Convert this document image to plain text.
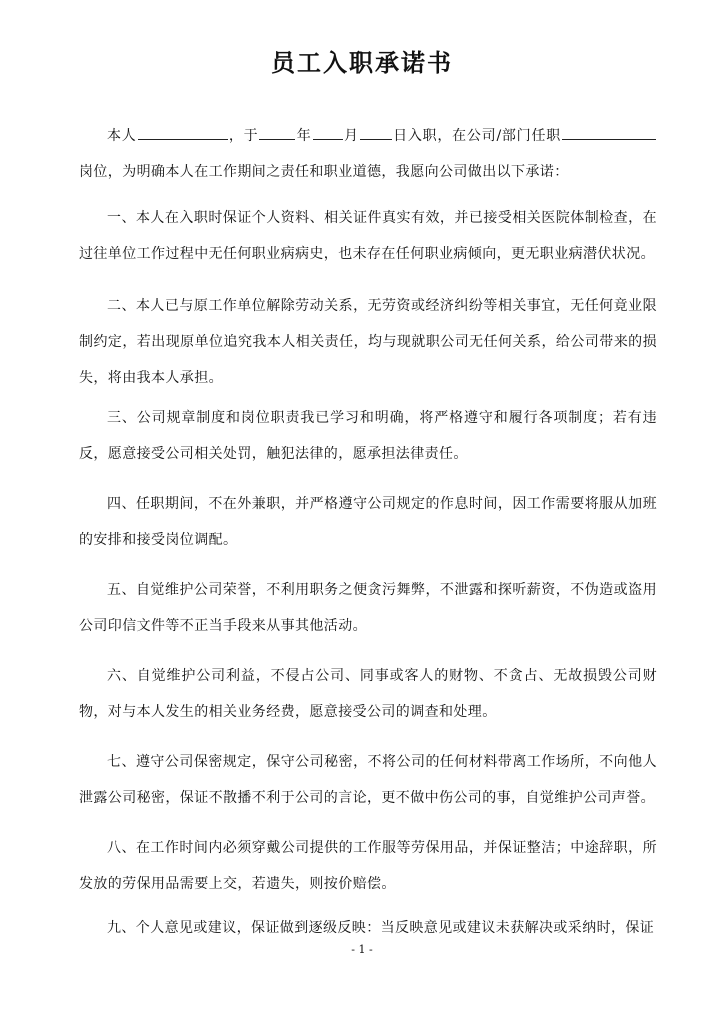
员工入职承诺书

本人	，于	年 月 日入职，在公司/部门任职岗位，为明确本人在工作期间之责任和职业道德，我愿向公司做出以下承诺：

一、本人在入职时保证个人资料、相关证件真实有效，并已接受相关医院体制检查，在过往单位工作过程中无任何职业病病史，也未存在任何职业病倾向，更无职业病潜伏状况。

二、本人已与原工作单位解除劳动关系，无劳资或经济纠纷等相关事宜，无任何竟业限制约定，若出现原单位追究我本人相关责任，均与现就职公司无任何关系，给公司带来的损失，将由我本人承担。

三、公司规章制度和岗位职责我已学习和明确，将严格遵守和履行各项制度；若有违反，愿意接受公司相关处罚，触犯法律的，愿承担法律责任。

四、任职期间，不在外兼职，并严格遵守公司规定的作息时间，因工作需要将服从加班的安排和接受岗位调配。

五、自觉维护公司荣誉，不利用职务之便贪污舞弊，不泄露和探听薪资，不伪造或盗用公司印信文件等不正当手段来从事其他活动。

六、自觉维护公司利益，不侵占公司、同事或客人的财物、不贪占、无故损毁公司财物，对与本人发生的相关业务经费，愿意接受公司的调查和处理。

七、遵守公司保密规定，保守公司秘密，不将公司的任何材料带离工作场所，不向他人泄露公司秘密，保证不散播不利于公司的言论，更不做中伤公司的事，自觉维护公司声誉。

八、在工作时间内必须穿戴公司提供的工作服等劳保用品，并保证整洁；中途辞职，所发放的劳保用品需要上交，若遗失，则按价赔偿。

九、个人意见或建议，保证做到逐级反映：当反映意见或建议未获解决或采纳时，保证

- 1 -
